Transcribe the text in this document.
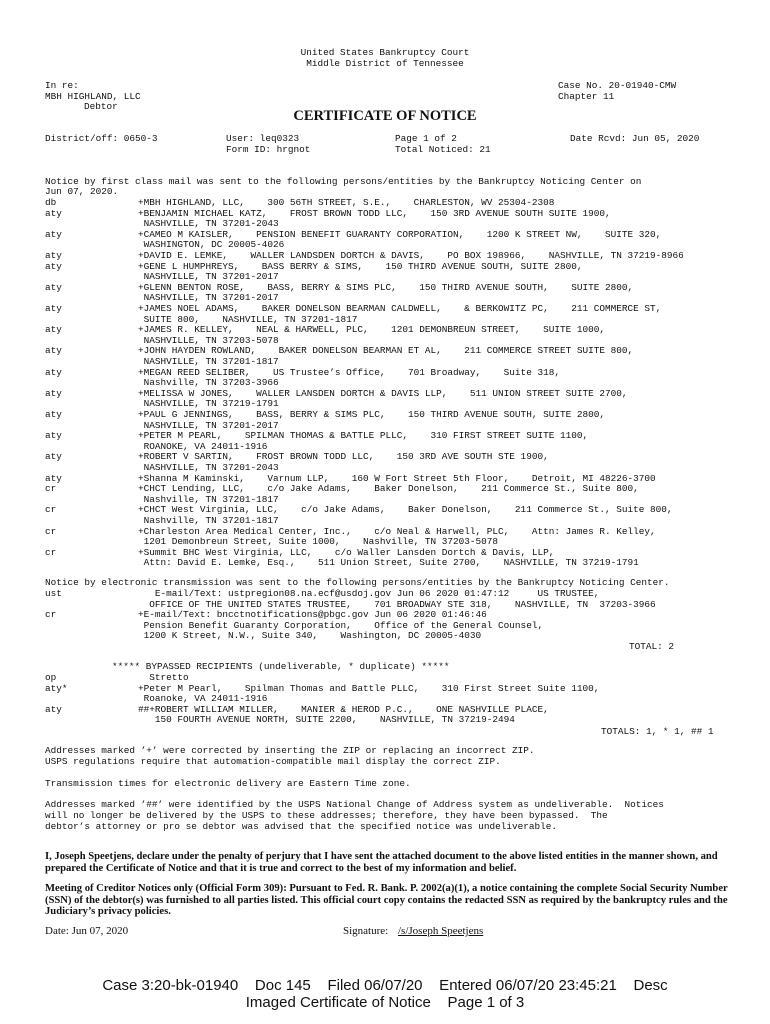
United States Bankruptcy Court
Middle District of Tennessee
In re:
MBH HIGHLAND, LLC
Debtor
Case No. 20-01940-CMW
Chapter 11
CERTIFICATE OF NOTICE
District/off: 0650-3	User: leq0323
Form ID: hrgnot
Page 1 of 2
Total Noticed: 21
Date Rcvd: Jun 05, 2020
Notice by first class mail was sent to the following persons/entities by the Bankruptcy Noticing Center on
Jun 07, 2020.
db	+MBH HIGHLAND, LLC,    300 56TH STREET, S.E.,    CHARLESTON, WV 25304-2308
aty	+BENJAMIN MICHAEL KATZ,    FROST BROWN TODD LLC,    150 3RD AVENUE SOUTH SUITE 1900,
NASHVILLE, TN 37201-2043
aty	+CAMEO M KAISLER,    PENSION BENEFIT GUARANTY CORPORATION,    1200 K STREET NW,    SUITE 320,
WASHINGTON, DC 20005-4026
aty	+DAVID E. LEMKE,    WALLER LANDSDEN DORTCH & DAVIS,    PO BOX 198966,    NASHVILLE, TN 37219-8966
aty	+GENE L HUMPHREYS,    BASS BERRY & SIMS,    150 THIRD AVENUE SOUTH, SUITE 2800,
NASHVILLE, TN 37201-2017
aty	+GLENN BENTON ROSE,    BASS, BERRY & SIMS PLC,    150 THIRD AVENUE SOUTH,    SUITE 2800,
NASHVILLE, TN 37201-2017
aty	+JAMES NOEL ADAMS,    BAKER DONELSON BEARMAN CALDWELL,    & BERKOWITZ PC,    211 COMMERCE ST,
SUITE 800,    NASHVILLE, TN 37201-1817
aty	+JAMES R. KELLEY,    NEAL & HARWELL, PLC,    1201 DEMONBREUN STREET,    SUITE 1000,
NASHVILLE, TN 37203-5078
aty	+JOHN HAYDEN ROWLAND,    BAKER DONELSON BEARMAN ET AL,    211 COMMERCE STREET SUITE 800,
NASHVILLE, TN 37201-1817
aty	+MEGAN REED SELIBER,    US Trustee’s Office,    701 Broadway,    Suite 318,
Nashville, TN 37203-3966
aty	+MELISSA W JONES,    WALLER LANSDEN DORTCH & DAVIS LLP,    511 UNION STREET SUITE 2700,
NASHVILLE, TN 37219-1791
aty	+PAUL G JENNINGS,    BASS, BERRY & SIMS PLC,    150 THIRD AVENUE SOUTH, SUITE 2800,
NASHVILLE, TN 37201-2017
aty	+PETER M PEARL,    SPILMAN THOMAS & BATTLE PLLC,    310 FIRST STREET SUITE 1100,
ROANOKE, VA 24011-1916
aty	+ROBERT V SARTIN,    FROST BROWN TODD LLC,    150 3RD AVE SOUTH STE 1900,
NASHVILLE, TN 37201-2043
aty	+Shanna M Kaminski,    Varnum LLP,    160 W Fort Street 5th Floor,    Detroit, MI 48226-3700
cr	+CHCT Lending, LLC,    c/o Jake Adams,    Baker Donelson,    211 Commerce St., Suite 800,
Nashville, TN 37201-1817
cr	+CHCT West Virginia, LLC,    c/o Jake Adams,    Baker Donelson,    211 Commerce St., Suite 800,
Nashville, TN 37201-1817
cr	+Charleston Area Medical Center, Inc.,    c/o Neal & Harwell, PLC,    Attn: James R. Kelley,
1201 Demonbreun Street, Suite 1000,    Nashville, TN 37203-5078
cr	+Summit BHC West Virginia, LLC,    c/o Waller Lansden Dortch & Davis, LLP,
Attn: David E. Lemke, Esq.,    511 Union Street, Suite 2700,    NASHVILLE, TN 37219-1791
Notice by electronic transmission was sent to the following persons/entities by the Bankruptcy Noticing Center.
ust	E-mail/Text: ustpregion08.na.ecf@usdoj.gov Jun 06 2020 01:47:12     US TRUSTEE,
OFFICE OF THE UNITED STATES TRUSTEE,    701 BROADWAY STE 318,    NASHVILLE, TN  37203-3966
cr	+E-mail/Text: bncctnotifications@pbgc.gov Jun 06 2020 01:46:46
Pension Benefit Guaranty Corporation,    Office of the General Counsel,
1200 K Street, N.W., Suite 340,    Washington, DC 20005-4030
TOTAL: 2
***** BYPASSED RECIPIENTS (undeliverable, * duplicate) *****
op	Stretto
aty*	+Peter M Pearl,    Spilman Thomas and Battle PLLC,    310 First Street Suite 1100,
Roanoke, VA 24011-1916
aty	##+ROBERT WILLIAM MILLER,    MANIER & HEROD P.C.,    ONE NASHVILLE PLACE,
150 FOURTH AVENUE NORTH, SUITE 2200,    NASHVILLE, TN 37219-2494
TOTALS: 1, * 1, ## 1
Addresses marked ’+’ were corrected by inserting the ZIP or replacing an incorrect ZIP.
USPS regulations require that automation-compatible mail display the correct ZIP.
Transmission times for electronic delivery are Eastern Time zone.
Addresses marked ’##’ were identified by the USPS National Change of Address system as undeliverable.  Notices
will no longer be delivered by the USPS to these addresses; therefore, they have been bypassed.  The
debtor’s attorney or pro se debtor was advised that the specified notice was undeliverable.
I, Joseph Speetjens, declare under the penalty of perjury that I have sent the attached document to the above listed entities in the manner shown, and prepared the Certificate of Notice and that it is true and correct to the best of my information and belief.
Meeting of Creditor Notices only (Official Form 309): Pursuant to Fed. R. Bank. P. 2002(a)(1), a notice containing the complete Social Security Number (SSN) of the debtor(s) was furnished to all parties listed. This official court copy contains the redacted SSN as required by the bankruptcy rules and the Judiciary’s privacy policies.
Date: Jun 07, 2020	Signature: /s/Joseph Speetjens
Case 3:20-bk-01940    Doc 145    Filed 06/07/20    Entered 06/07/20 23:45:21    Desc
Imaged Certificate of Notice    Page 1 of 3
